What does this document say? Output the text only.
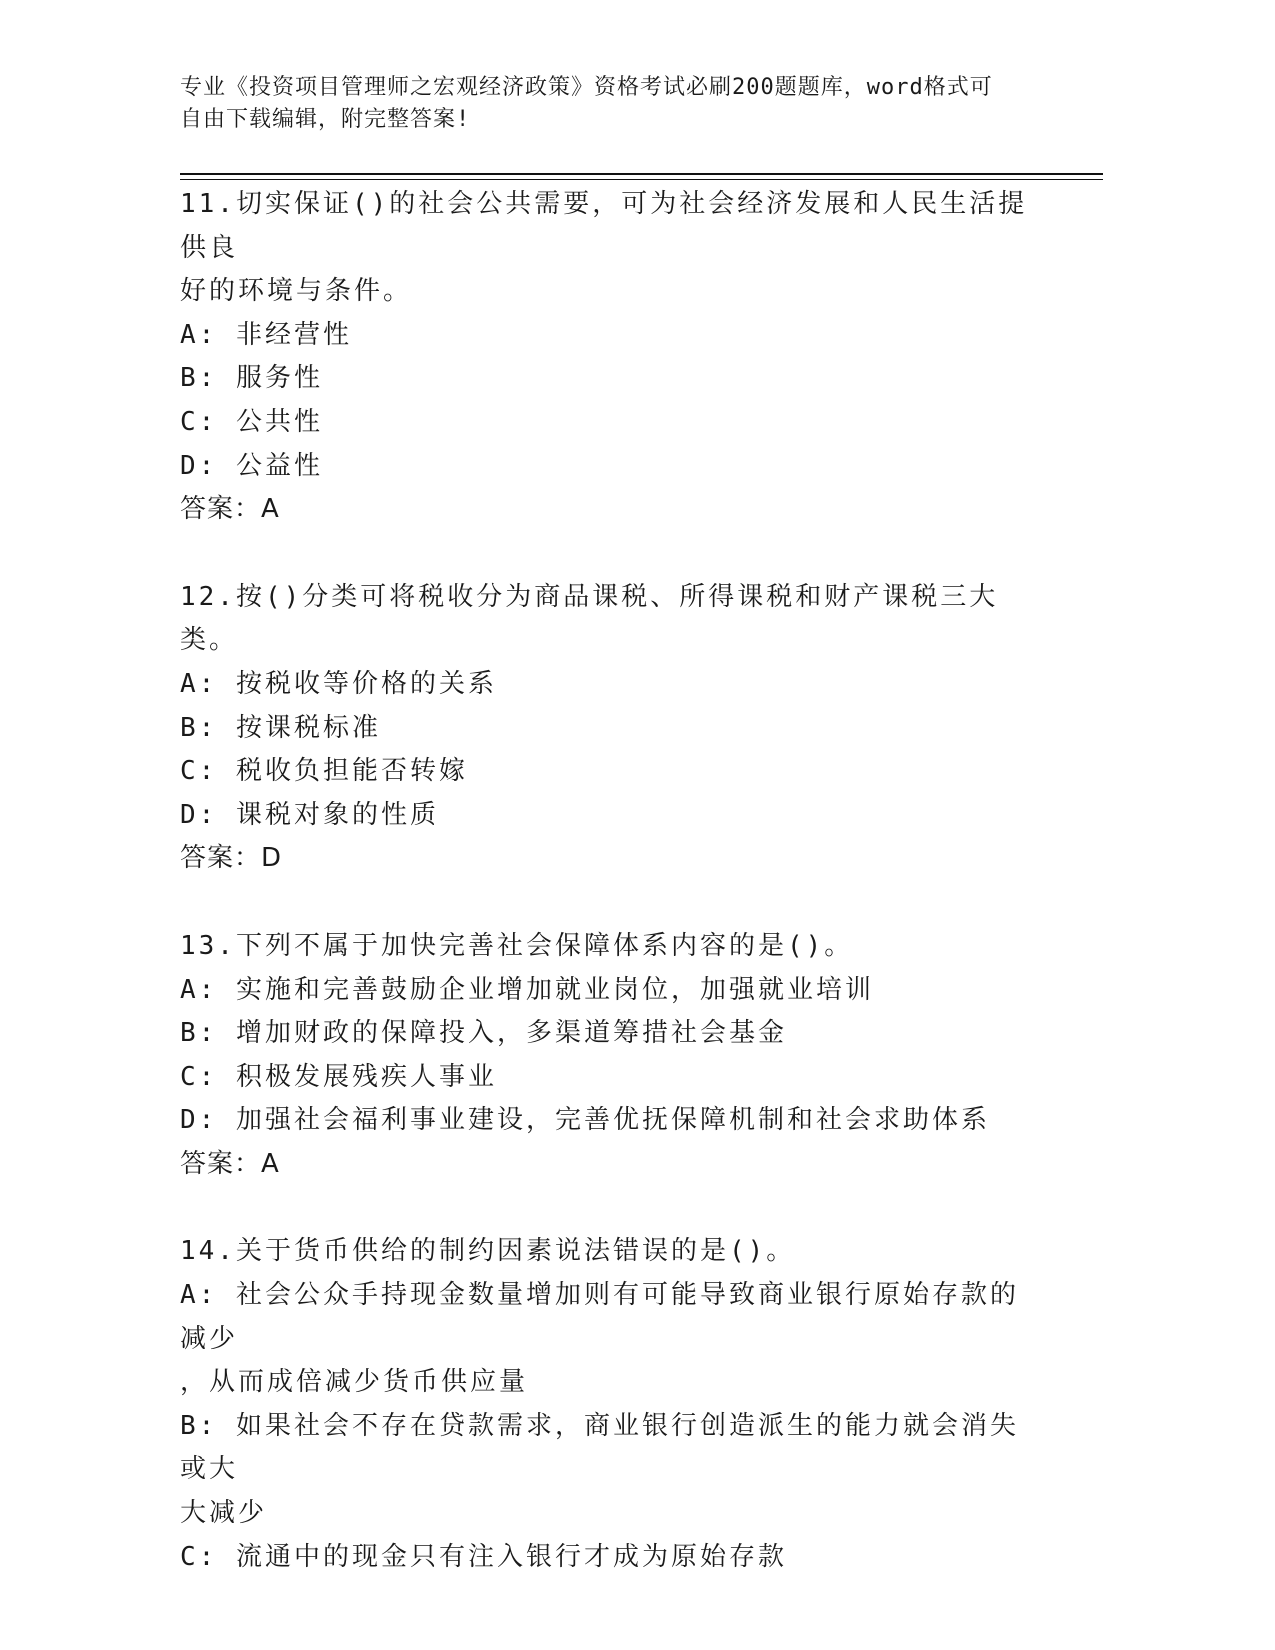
专业《投资项目管理师之宏观经济政策》资格考试必刷200题题库，word格式可
自由下载编辑，附完整答案!
11.切实保证()的社会公共需要，可为社会经济发展和人民生活提供良
好的环境与条件。
A: 非经营性
B: 服务性
C: 公共性
D: 公益性
答案：A
12.按()分类可将税收分为商品课税、所得课税和财产课税三大类。
A: 按税收等价格的关系
B: 按课税标准
C: 税收负担能否转嫁
D: 课税对象的性质
答案：D
13.下列不属于加快完善社会保障体系内容的是()。
A: 实施和完善鼓励企业增加就业岗位，加强就业培训
B: 增加财政的保障投入，多渠道筹措社会基金
C: 积极发展残疾人事业
D: 加强社会福利事业建设，完善优抚保障机制和社会求助体系
答案：A
14.关于货币供给的制约因素说法错误的是()。
A: 社会公众手持现金数量增加则有可能导致商业银行原始存款的减少
，从而成倍减少货币供应量
B: 如果社会不存在贷款需求，商业银行创造派生的能力就会消失或大
大减少
C: 流通中的现金只有注入银行才成为原始存款
